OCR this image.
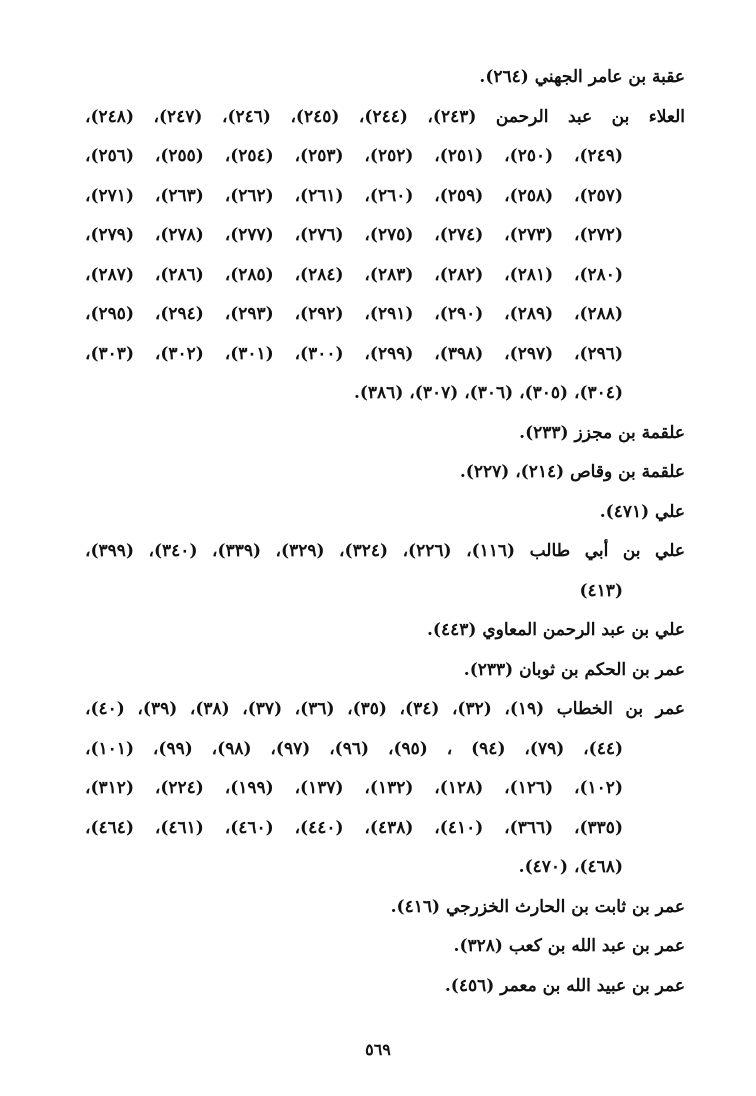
عقبة بن عامر الجهني (٢٦٤).
العلاء بن عبد الرحمن (٢٤٣)، (٢٤٤)، (٢٤٥)، (٢٤٦)، (٢٤٧)، (٢٤٨)،
(٢٤٩)، (٢٥٠)، (٢٥١)، (٢٥٢)، (٢٥٣)، (٢٥٤)، (٢٥٥)، (٢٥٦)،
(٢٥٧)، (٢٥٨)، (٢٥٩)، (٢٦٠)، (٢٦١)، (٢٦٢)، (٢٦٣)، (٢٧١)،
(٢٧٢)، (٢٧٣)، (٢٧٤)، (٢٧٥)، (٢٧٦)، (٢٧٧)، (٢٧٨)، (٢٧٩)،
(٢٨٠)، (٢٨١)، (٢٨٢)، (٢٨٣)، (٢٨٤)، (٢٨٥)، (٢٨٦)، (٢٨٧)،
(٢٨٨)، (٢٨٩)، (٢٩٠)، (٢٩١)، (٢٩٢)، (٢٩٣)، (٢٩٤)، (٢٩٥)،
(٢٩٦)، (٢٩٧)، (٣٩٨)، (٢٩٩)، (٣٠٠)، (٣٠١)، (٣٠٢)، (٣٠٣)،
(٣٠٤)، (٣٠٥)، (٣٠٦)، (٣٠٧)، (٣٨٦).
علقمة بن مجزز (٢٣٣).
علقمة بن وقاص (٢١٤)، (٢٢٧).
علي (٤٧١).
علي بن أبي طالب (١١٦)، (٢٢٦)، (٣٢٤)، (٣٢٩)، (٣٣٩)، (٣٤٠)، (٣٩٩)،
(٤١٣)
علي بن عبد الرحمن المعاوي (٤٤٣).
عمر بن الحكم بن ثوبان (٢٣٣).
عمر بن الخطاب (١٩)، (٣٢)، (٣٤)، (٣٥)، (٣٦)، (٣٧)، (٣٨)، (٣٩)، (٤٠)،
(٤٤)، (٧٩)، (٩٤) ، (٩٥)، (٩٦)، (٩٧)، (٩٨)، (٩٩)، (١٠١)،
(١٠٢)، (١٢٦)، (١٢٨)، (١٣٢)، (١٣٧)، (١٩٩)، (٢٢٤)، (٣١٢)،
(٣٣٥)، (٣٦٦)، (٤١٠)، (٤٣٨)، (٤٤٠)، (٤٦٠)، (٤٦١)، (٤٦٤)،
(٤٦٨)، (٤٧٠).
عمر بن ثابت بن الحارث الخزرجي (٤١٦).
عمر بن عبد الله بن كعب (٣٢٨).
عمر بن عبيد الله بن معمر (٤٥٦).
٥٦٩
